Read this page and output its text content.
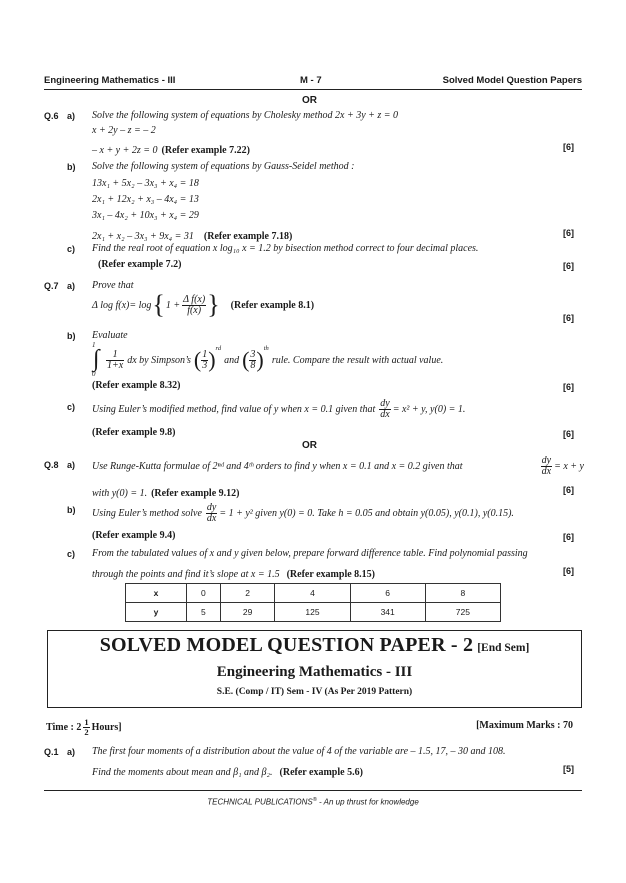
Engineering Mathematics - III	M - 7	Solved Model Question Papers
OR
Q.6 a) Solve the following system of equations by Cholesky method 2x + 3y + z = 0
x + 2y – z = – 2
– x + y + 2z = 0 (Refer example 7.22)	[6]
b) Solve the following system of equations by Gauss-Seidel method :
13x₁ + 5x₂ – 3x₃ + x₄ = 18
2x₁ + 12x₂ + x₃ – 4x₄ = 13
3x₁ – 4x₂ + 10x₃ + x₄ = 29
2x₁ + x₂ – 3x₃ + 9x₄ = 31 (Refer example 7.18)	[6]
c) Find the real root of equation x log₁₀ x = 1.2 by bisection method correct to four decimal places.
(Refer example 7.2)	[6]
Q.7 a) Prove that
Δ log f(x)= log { $1 + \frac{\text{Δ f(x)}}{f(x)}$ } (Refer example 8.1)
[6]
b) Evaluate
1
∫
0
$\frac{1}{1+x}$ dx by Simpson’s ( $\frac{1}{3}$ ) rd
and ( $\frac{3}{8}$ ) th
rule. Compare the result with actual value.
(Refer example 8.32)	[6]
c) Using Euler’s modified method, find value of y when x = 0.1 given that $\frac{dy}{dx} = x^2 + y$, y(0) = 1.
(Refer example 9.8)	[6]
OR
Q.8 a) Use Runge-Kutta formulae of 2ⁿᵈ and 4ᵗʰ orders to find y when x = 0.1 and x = 0.2 given that	$\frac{dy}{dx} = x + y$
with y(0) = 1. (Refer example 9.12)	[6]
b) Using Euler’s method solve $\frac{dy}{dx} = 1 + y^2$ given y(0) = 0. Take h = 0.05 and obtain y(0.05), y(0.1), y(0.15).
(Refer example 9.4)	[6]
c) From the tabulated values of x and y given below, prepare forward difference table. Find polynomial passing
through the points and find it’s slope at x = 1.5 (Refer example 8.15)	[6]
x	0	2	4	6	8
y	5	29	125	341	725
SOLVED MODEL QUESTION PAPER - 2 [End Sem]
Engineering Mathematics - III
S.E. (Comp / IT) Sem - IV (As Per 2019 Pattern)
Time : $2 \frac{1}{2}$ Hours]	[Maximum Marks : 70
Q.1 a) The first four moments of a distribution about the value of 4 of the variable are – 1.5, 17, – 30 and 108.
Find the moments about mean and β₁ and β₂. (Refer example 5.6)	[5]
TECHNICAL PUBLICATIONS® - An up thrust for knowledge
